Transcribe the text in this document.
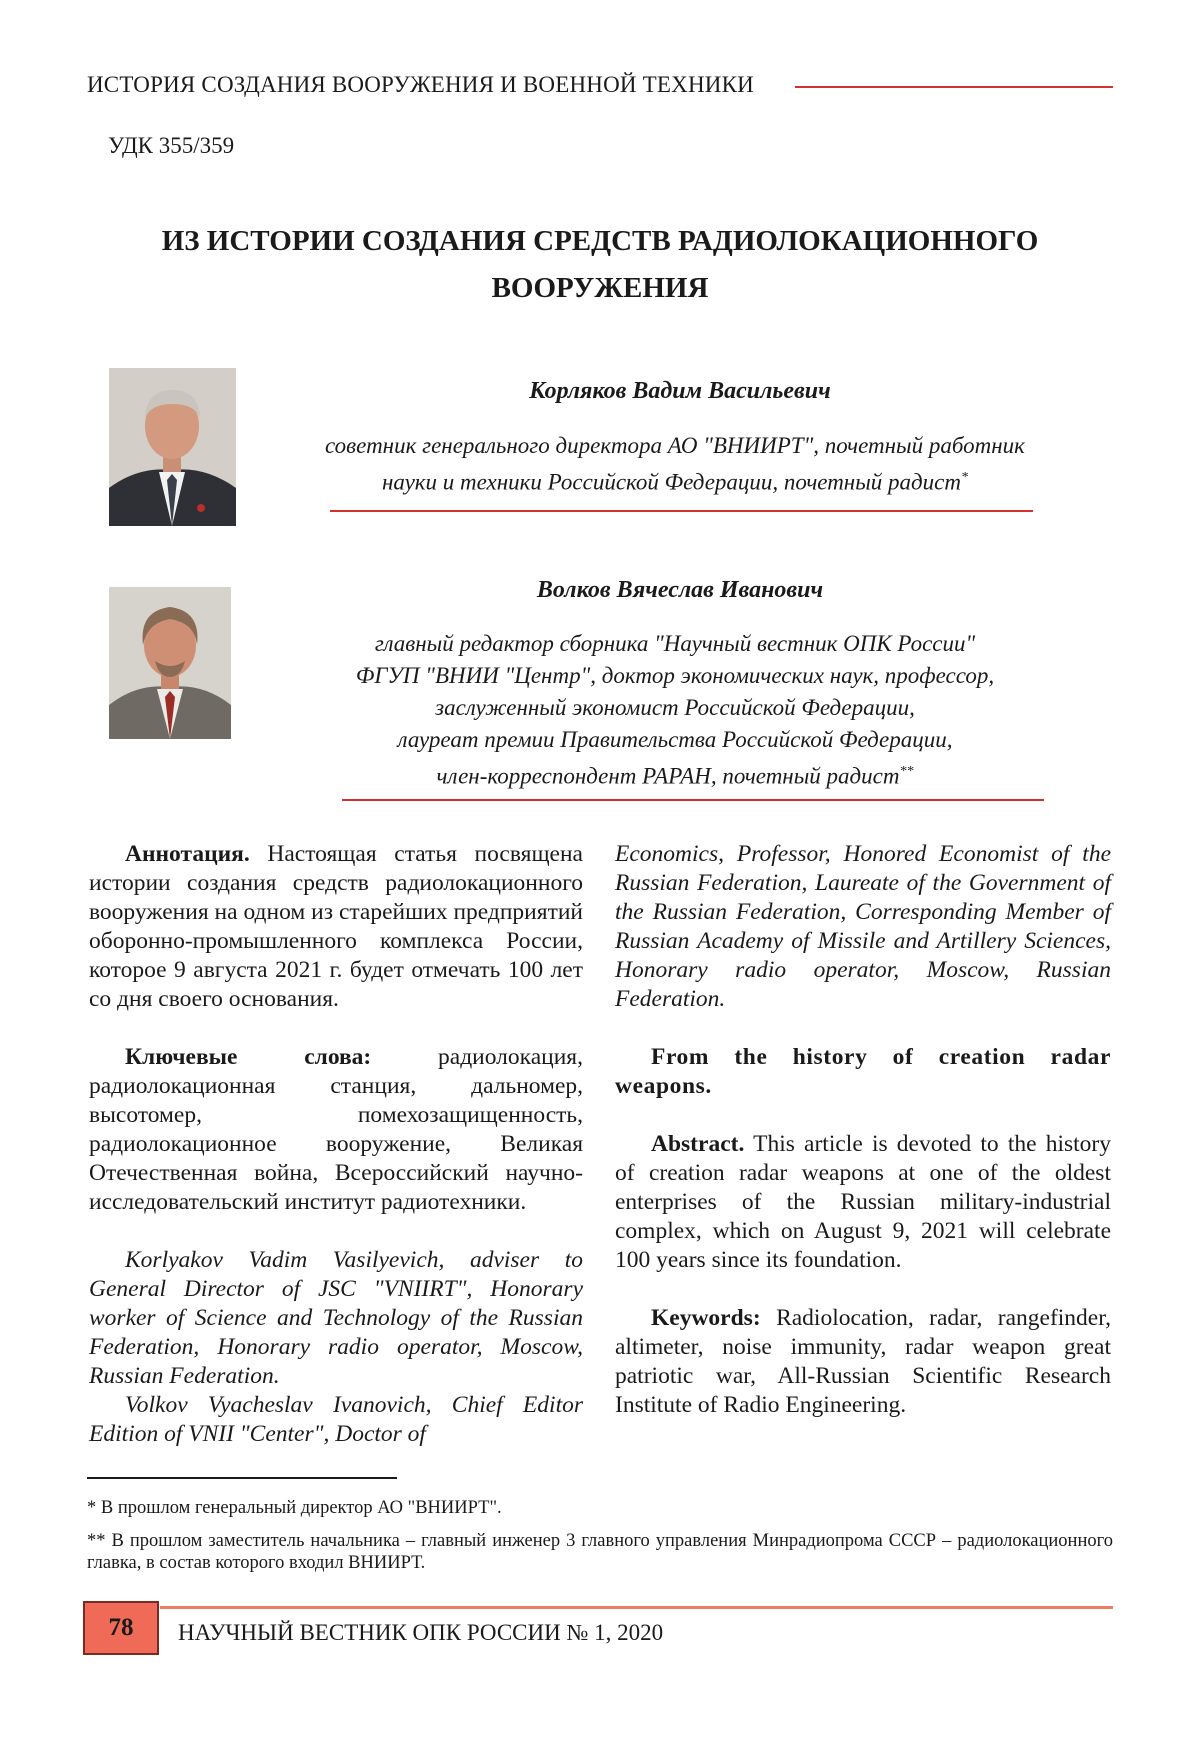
ИСТОРИЯ СОЗДАНИЯ ВООРУЖЕНИЯ И ВОЕННОЙ ТЕХНИКИ
УДК 355/359
ИЗ ИСТОРИИ СОЗДАНИЯ СРЕДСТВ РАДИОЛОКАЦИОННОГО
ВООРУЖЕНИЯ
Корляков Вадим Васильевич
советник генерального директора АО "ВНИИРТ", почетный работник
науки и техники Российской Федерации, почетный радист*
Волков Вячеслав Иванович
главный редактор сборника "Научный вестник ОПК России"
ФГУП "ВНИИ "Центр", доктор экономических наук, профессор,
заслуженный экономист Российской Федерации,
лауреат премии Правительства Российской Федерации,
член-корреспондент РАРАН, почетный радист**

Аннотация. Настоящая статья посвящена истории создания средств радиолокационного вооружения на одном из старейших предприятий оборонно-промышленного комплекса России, которое 9 августа 2021 г. будет отмечать 100 лет со дня своего основания.

Ключевые слова:	радиолокация, радиолокационная станция, дальномер, высотомер, помехозащищенность, радиолокационное вооружение, Великая Отечественная война, Всероссийский научно-исследовательский институт радиотехники.

Korlyakov Vadim Vasilyevich, adviser to General Director of JSC "VNIIRT", Honorary worker of Science and Technology of the Russian Federation, Honorary radio operator, Moscow, Russian Federation.

Volkov Vyacheslav Ivanovich, Chief Editor Edition of VNII "Center", Doctor of

Economics, Professor, Honored Economist of the Russian Federation, Laureate of the Government of the Russian Federation, Corresponding Member of Russian Academy of Missile and Artillery Sciences, Honorary radio operator, Moscow, Russian Federation.

From the history of creation radar weapons.

Abstract. This article is devoted to the history of creation radar weapons at one of the oldest enterprises of the Russian military-industrial complex, which on August 9, 2021 will celebrate 100 years since its foundation.

Keywords: Radiolocation, radar, rangefinder, altimeter, noise immunity, radar weapon great patriotic war, All-Russian Scientific Research Institute of Radio Engineering.

* В прошлом генеральный директор АО "ВНИИРТ".
** В прошлом заместитель начальника – главный инженер 3 главного управления Минрадиопрома СССР – радиолокационного главка, в состав которого входил ВНИИРТ.
78	НАУЧНЫЙ ВЕСТНИК ОПК РОССИИ № 1, 2020
